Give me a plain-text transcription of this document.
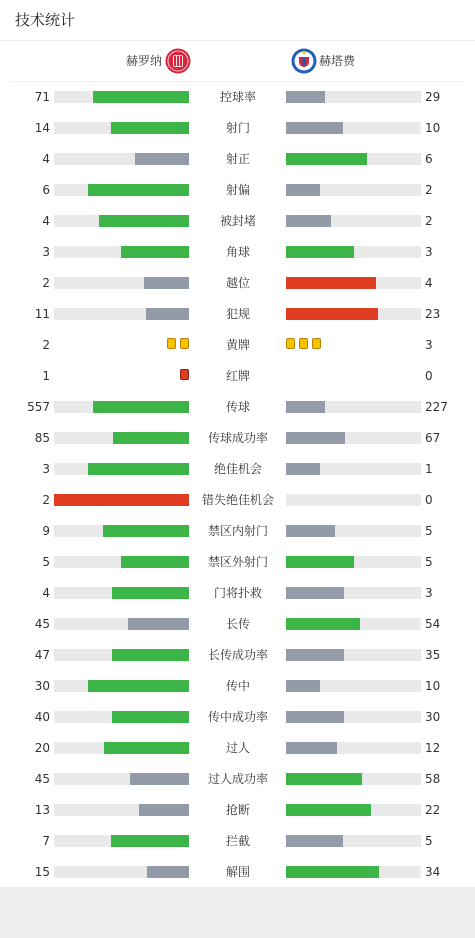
技术统计
赫罗纳	赫塔费
71	控球率	29
14	射门	10
4	射正	6
6	射偏	2
4	被封堵	2
3	角球	3
2	越位	4
11	犯规	23
2	黄牌	3
1	红牌	0
557	传球	227
85	传球成功率	67
3	绝佳机会	1
2	错失绝佳机会	0
9	禁区内射门	5
5	禁区外射门	5
4	门将扑救	3
45	长传	54
47	长传成功率	35
30	传中	10
40	传中成功率	30
20	过人	12
45	过人成功率	58
13	抢断	22
7	拦截	5
15	解围	34
